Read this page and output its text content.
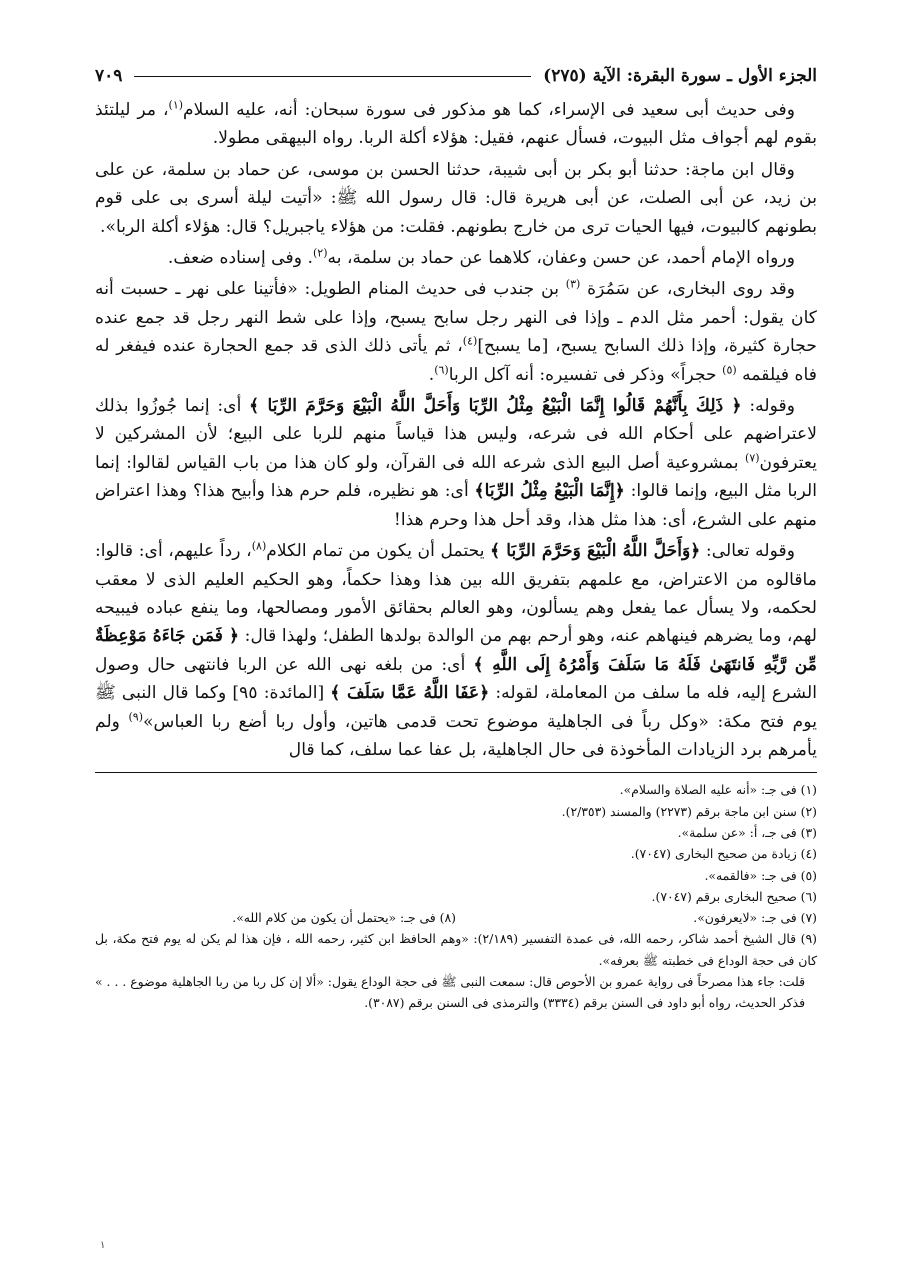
الجزء الأول ـ سورة البقرة: الآية (٢٧٥)
٧٠٩

وفى حديث أبى سعيد فى الإسراء، كما هو مذكور فى سورة سبحان: أنه، عليه السلام$^{(١)}$، مر ليلتئذ بقوم لهم أجواف مثل البيوت، فسأل عنهم، فقيل: هؤلاء أكلة الربا. رواه البيهقى مطولا.

وقال ابن ماجة: حدثنا أبو بكر بن أبى شيبة، حدثنا الحسن بن موسى، عن حماد بن سلمة، عن على بن زيد، عن أبى الصلت، عن أبى هريرة قال: قال رسول الله ﷺ: «أتيت ليلة أسرى بى على قوم بطونهم كالبيوت، فيها الحيات ترى من خارج بطونهم. فقلت: من هؤلاء ياجبريل؟ قال: هؤلاء أكلة الربا».

ورواه الإمام أحمد، عن حسن وعفان، كلاهما عن حماد بن سلمة، به$^{(٢)}$. وفى إسناده ضعف.

وقد روى البخارى، عن سَمُرَة $^{(٣)}$ بن جندب فى حديث المنام الطويل: «فأتينا على نهر ـ حسبت أنه كان يقول: أحمر مثل الدم ـ وإذا فى النهر رجل سابح يسبح، وإذا على شط النهر رجل قد جمع عنده حجارة كثيرة، وإذا ذلك السابح يسبح، [ما يسبح]$^{(٤)}$، ثم يأتى ذلك الذى قد جمع الحجارة عنده فيفغر له فاه فيلقمه $^{(٥)}$ حجراً» وذكر فى تفسيره: أنه آكل الربا$^{(٦)}$.

وقوله: ﴿ ذَلِكَ بِأَنَّهُمْ قَالُوا إِنَّمَا الْبَيْعُ مِثْلُ الرِّبَا وَأَحَلَّ اللَّهُ الْبَيْعَ وَحَرَّمَ الرِّبَا ﴾ أى: إنما جُوزُوا بذلك لاعتراضهم على أحكام الله فى شرعه، وليس هذا قياساً منهم للربا على البيع؛ لأن المشركين لا يعترفون$^{(٧)}$ بمشروعية أصل البيع الذى شرعه الله فى القرآن، ولو كان هذا من باب القياس لقالوا: إنما الربا مثل البيع، وإنما قالوا: ﴿إِنَّمَا الْبَيْعُ مِثْلُ الرِّبَا﴾ أى: هو نظيره، فلم حرم هذا وأبيح هذا؟ وهذا اعتراض منهم على الشرع، أى: هذا مثل هذا، وقد أحل هذا وحرم هذا!

وقوله تعالى: ﴿وَأَحَلَّ اللَّهُ الْبَيْعَ وَحَرَّمَ الرِّبَا ﴾ يحتمل أن يكون من تمام الكلام$^{(٨)}$، رداً عليهم، أى: قالوا: ماقالوه من الاعتراض، مع علمهم بتفريق الله بين هذا وهذا حكماً، وهو الحكيم العليم الذى لا معقب لحكمه، ولا يسأل عما يفعل وهم يسألون، وهو العالم بحقائق الأمور ومصالحها، وما ينفع عباده فيبيحه لهم، وما يضرهم فينهاهم عنه، وهو أرحم بهم من الوالدة بولدها الطفل؛ ولهذا قال: ﴿ فَمَن جَاءَهُ مَوْعِظَةٌ مِّن رَّبِّهِ فَانتَهَىٰ فَلَهُ مَا سَلَفَ وَأَمْرُهُ إِلَى اللَّهِ ﴾ أى: من بلغه نهى الله عن الربا فانتهى حال وصول الشرع إليه، فله ما سلف من المعاملة، لقوله: ﴿عَفَا اللَّهُ عَمَّا سَلَفَ ﴾ [المائدة: ٩٥] وكما قال النبى ﷺ يوم فتح مكة: «وكل رباً فى الجاهلية موضوع تحت قدمى هاتين، وأول ربا أضع ربا العباس»$^{(٩)}$ ولم يأمرهم برد الزيادات المأخوذة فى حال الجاهلية، بل عفا عما سلف، كما قال

(١) فى جـ: «أنه عليه الصلاة والسلام».

(٢) سنن ابن ماجة برقم (٢٢٧٣) والمسند (٢/٣٥٣).

(٣) فى جـ، أ: «عن سلمة».

(٤) زيادة من صحيح البخارى (٧٠٤٧).

(٥) فى جـ: «فالقمه».

(٦) صحيح البخارى برقم (٧٠٤٧).

(٧) فى جـ: «لايعرفون».

(٨) فى جـ: «يحتمل أن يكون من كلام الله».

(٩) قال الشيخ أحمد شاكر، رحمه الله، فى عمدة التفسير (٢/١٨٩): «وهم الحافظ ابن كثير، رحمه الله ، فإن هذا لم يكن له يوم فتح مكة، بل كان فى حجة الوداع فى خطبته ﷺ بعرفه».

قلت: جاء هذا مصرحاً فى رواية عمرو بن الأحوص قال: سمعت النبى ﷺ فى حجة الوداع يقول: «ألا إن كل ربا من ربا الجاهلية موضوع . . . » فذكر الحديث، رواه أبو داود فى السنن برقم (٣٣٣٤) والترمذى فى السنن برقم (٣٠٨٧).

١
